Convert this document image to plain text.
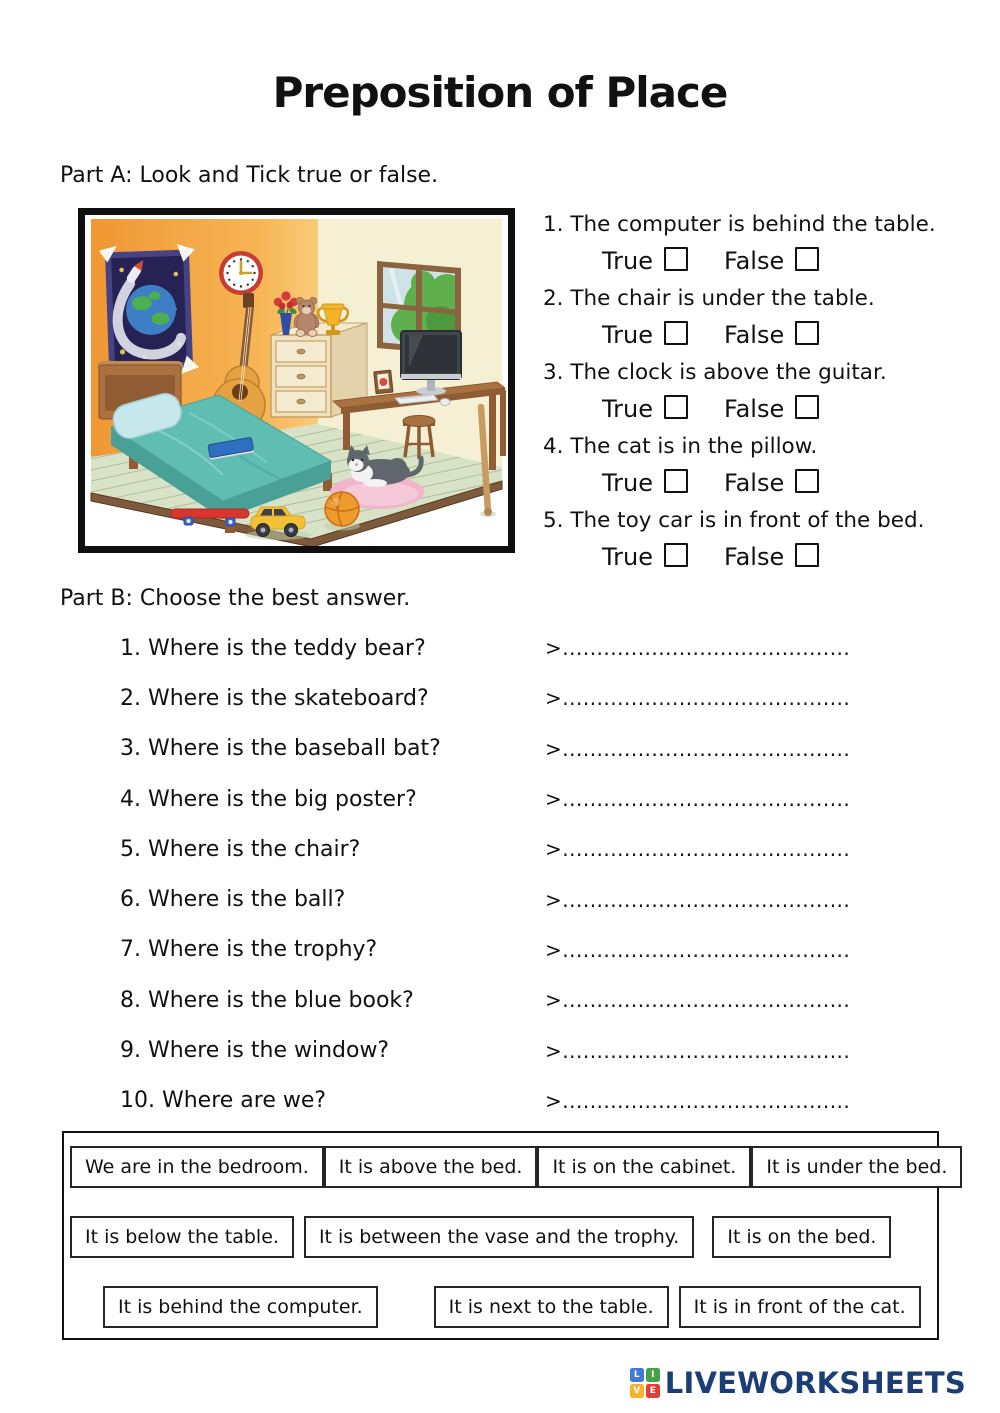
Preposition of Place
Part A: Look and Tick true or false.
1. The computer is behind the table.
True	False
2. The chair is under the table.
True	False
3. The clock is above the guitar.
True	False
4. The cat is in the pillow.
True	False
5. The toy car is in front of the bed.
True	False
Part B: Choose the best answer.
1. Where is the teddy bear?	>..........................................
2. Where is the skateboard?	>..........................................
3. Where is the baseball bat?	>..........................................
4. Where is the big poster?	>..........................................
5. Where is the chair?	>..........................................
6. Where is the ball?	>..........................................
7. Where is the trophy?	>..........................................
8. Where is the blue book?	>..........................................
9. Where is the window?	>..........................................
10. Where are we?	>..........................................
We are in the bedroom.	It is above the bed.	It is on the cabinet.	It is under the bed.
It is below the table.	It is between the vase and the trophy.	It is on the bed.
It is behind the computer.	It is next to the table.	It is in front of the cat.
L	I
V	E LIVEWORKSHEETS
